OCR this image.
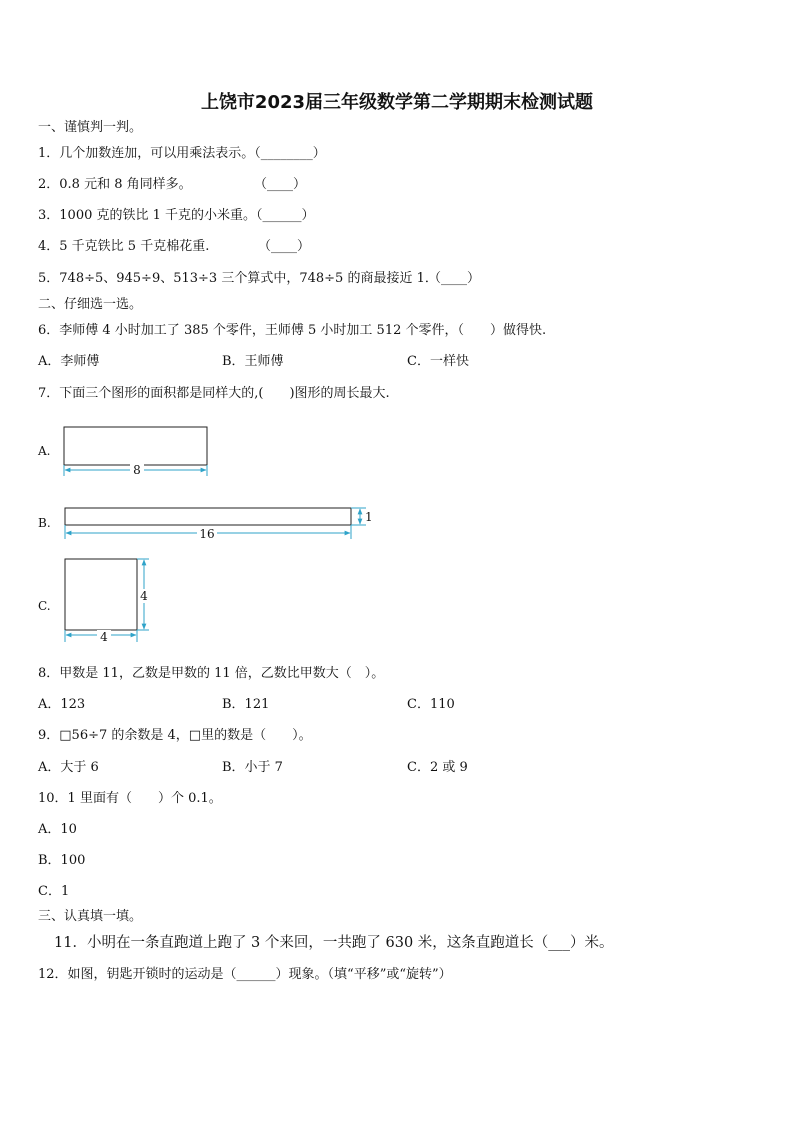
上饶市2023届三年级数学第二学期期末检测试题
一、谨慎判一判。
1．几个加数连加，可以用乘法表示。（________）
2．0.8 元和 8 角同样多。	（____）
3．1000 克的铁比 1 千克的小米重。（______）
4．5 千克铁比 5 千克棉花重.	（____）
5．748÷5、945÷9、513÷3 三个算式中，748÷5 的商最接近 1．
（____）
二、仔细选一选。
6．李师傅 4 小时加工了 385 个零件，王师傅 5 小时加工 512 个零件，（　　）做得快.
A．李师傅	B．王师傅	C．一样快
7．下面三个图形的面积都是同样大的,(　　)图形的周长最大.
A.
8
B.
16
1
C.
4
4
8．甲数是 11，乙数是甲数的 11 倍，乙数比甲数大（　）。
A．123	B．121	C．110
9．□56÷7 的余数是 4，□里的数是（　　）。
A．大于 6	B．小于 7	C．2 或 9
10．1 里面有（　　）个 0.1。
A．10
B．100
C．1
三、认真填一填。
11．小明在一条直跑道上跑了 3 个来回，一共跑了 630 米，这条直跑道长（___）米。
12．如图，钥匙开锁时的运动是（______）现象。（填“平移”或“旋转”）
